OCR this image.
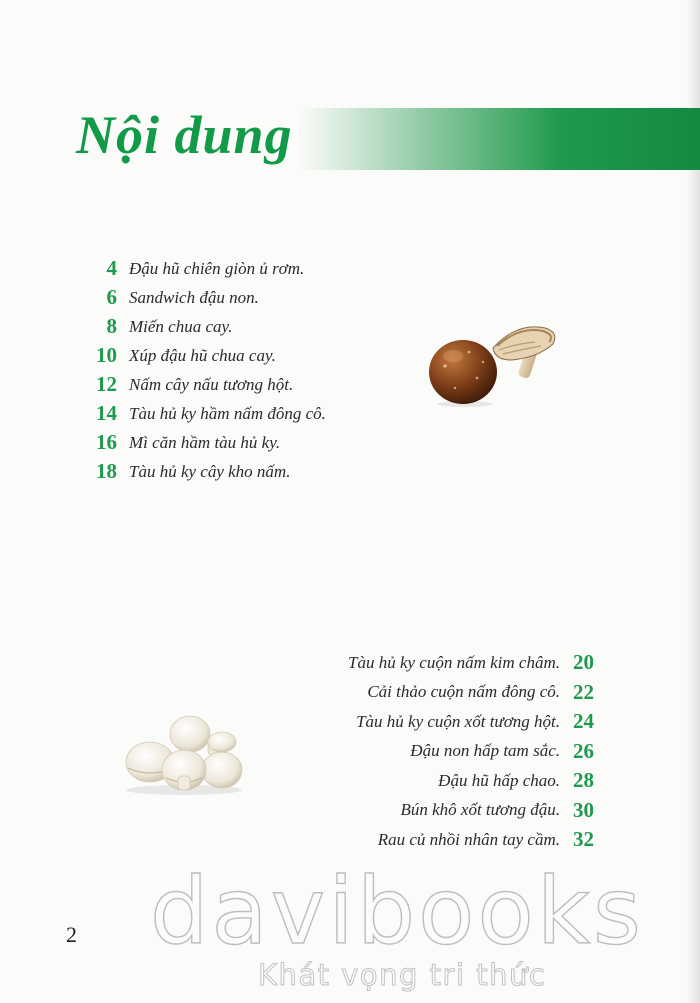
Nội dung
4 Đậu hũ chiên giòn ủ rơm.
6 Sandwich đậu non.
8 Miến chua cay.
10 Xúp đậu hũ chua cay.
12 Nấm cây nấu tương hột.
14 Tàu hủ ky hầm nấm đông cô.
16 Mì căn hầm tàu hủ ky.
18 Tàu hủ ky cây kho nấm.
Tàu hủ ky cuộn nấm kim châm. 20
Cải thảo cuộn nấm đông cô. 22
Tàu hủ ky cuộn xốt tương hột. 24
Đậu non hấp tam sắc. 26
Đậu hũ hấp chao. 28
Bún khô xốt tương đậu. 30
Rau củ nhồi nhân tay cầm. 32
2 davibooks
Khát vọng tri thức
